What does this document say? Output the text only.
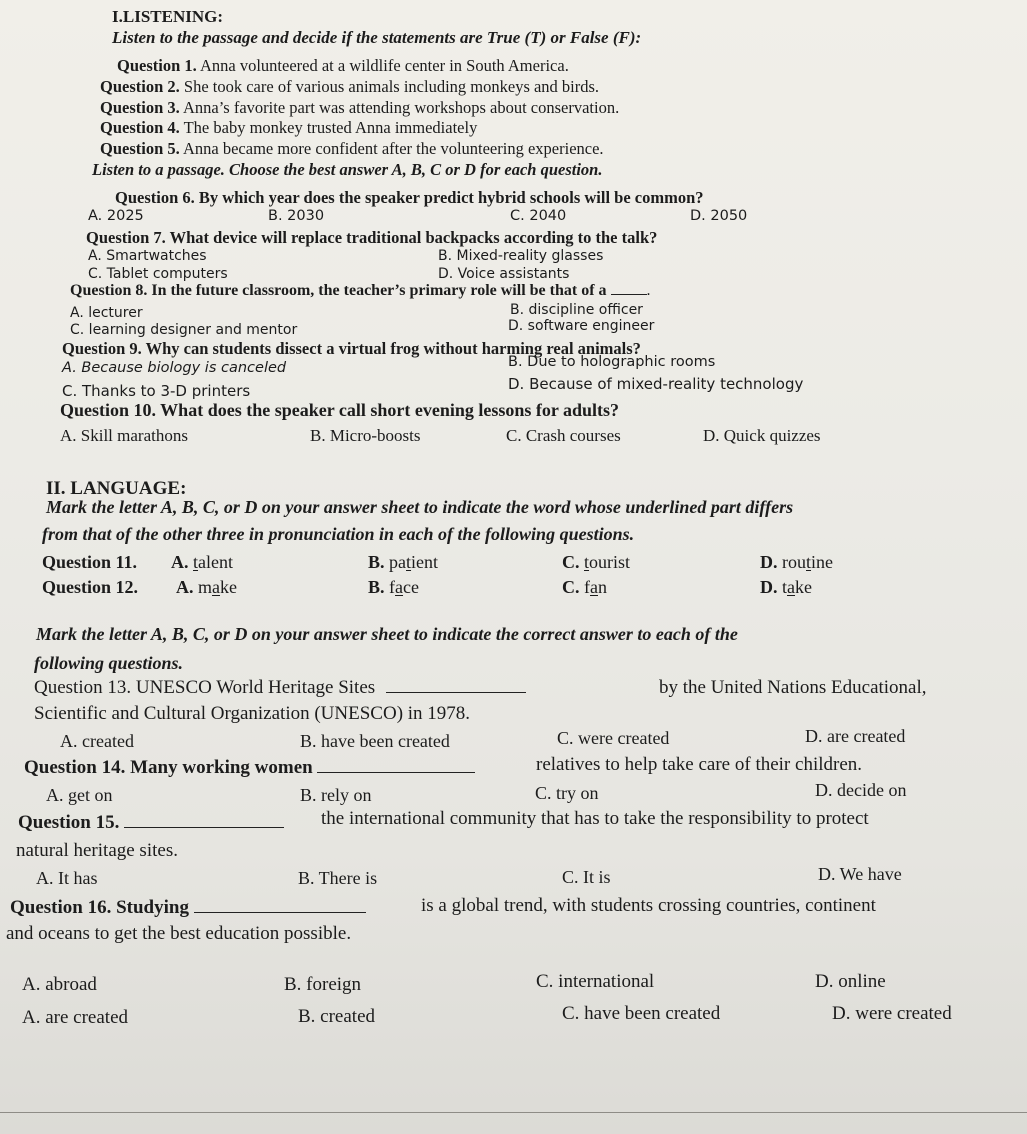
I.LISTENING:
Listen to the passage and decide if the statements are True (T) or False (F):
Question 1. Anna volunteered at a wildlife center in South America.
Question 2. She took care of various animals including monkeys and birds.
Question 3. Anna’s favorite part was attending workshops about conservation.
Question 4. The baby monkey trusted Anna immediately
Question 5. Anna became more confident after the volunteering experience.
Listen to a passage. Choose the best answer A, B, C or D for each question.
Question 6. By which year does the speaker predict hybrid schools will be common?
A. 2025	B. 2030	C. 2040	D. 2050
Question 7. What device will replace traditional backpacks according to the talk?
A. Smartwatches	B. Mixed-reality glasses
C. Tablet computers	D. Voice assistants
Question 8. In the future classroom, the teacher’s primary role will be that of a	.
A. lecturer	B. discipline officer
C. learning designer and mentor	D. software engineer
Question 9. Why can students dissect a virtual frog without harming real animals?
A. Because biology is canceled	B. Due to holographic rooms
C. Thanks to 3-D printers	D. Because of mixed-reality technology
Question 10. What does the speaker call short evening lessons for adults?
A. Skill marathons	B. Micro-boosts	C. Crash courses	D. Quick quizzes
II. LANGUAGE:
Mark the letter A, B, C, or D on your answer sheet to indicate the word whose underlined part differs
from that of the other three in pronunciation in each of the following questions.
Question 11. A. talent	B. patient	C. tourist	D. routine
Question 12. A. make	B. face	C. fan	D. take
Mark the letter A, B, C, or D on your answer sheet to indicate the correct answer to each of the
following questions.
Question 13. UNESCO World Heritage Sites	by the United Nations Educational,
Scientific and Cultural Organization (UNESCO) in 1978.
A. created	B. have been created	C. were created	D. are created
Question 14. Many working women	relatives to help take care of their children.
A. get on	B. rely on	C. try on	D. decide on
Question 15.	the international community that has to take the responsibility to protect
natural heritage sites.
A. It has	B. There is	C. It is	D. We have
Question 16. Studying	is a global trend, with students crossing countries, continent
and oceans to get the best education possible.
A. abroad	B. foreign	C. international	D. online
A. are created	B. created	C. have been created	D. were created
